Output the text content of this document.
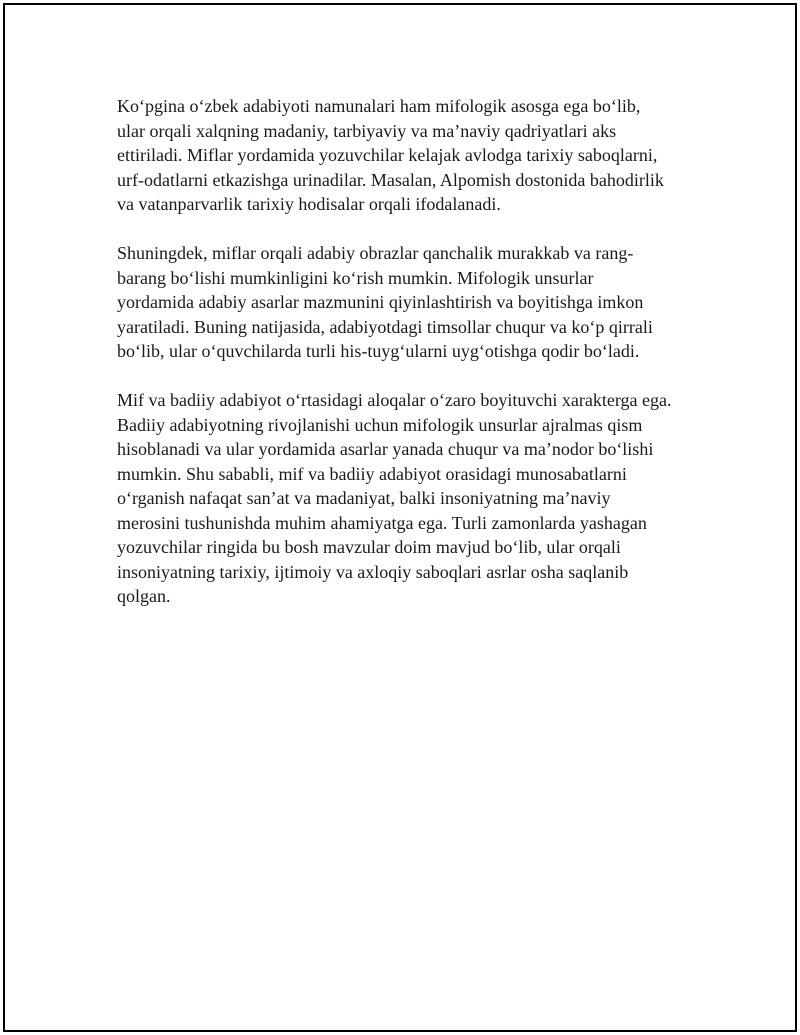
Ko‘pgina o‘zbek adabiyoti namunalari ham mifologik asosga ega bo‘lib,
ular orqali xalqning madaniy, tarbiyaviy va ma’naviy qadriyatlari aks
ettiriladi. Miflar yordamida yozuvchilar kelajak avlodga tarixiy saboqlarni,
urf-odatlarni etkazishga urinadilar. Masalan, Alpomish dostonida bahodirlik
va vatanparvarlik tarixiy hodisalar orqali ifodalanadi.

Shuningdek, miflar orqali adabiy obrazlar qanchalik murakkab va rang-
barang bo‘lishi mumkinligini ko‘rish mumkin. Mifologik unsurlar
yordamida adabiy asarlar mazmunini qiyinlashtirish va boyitishga imkon
yaratiladi. Buning natijasida, adabiyotdagi timsollar chuqur va ko‘p qirrali
bo‘lib, ular o‘quvchilarda turli his-tuyg‘ularni uyg‘otishga qodir bo‘ladi.

Mif va badiiy adabiyot o‘rtasidagi aloqalar o‘zaro boyituvchi xarakterga ega.
Badiiy adabiyotning rivojlanishi uchun mifologik unsurlar ajralmas qism
hisoblanadi va ular yordamida asarlar yanada chuqur va ma’nodor bo‘lishi
mumkin. Shu sababli, mif va badiiy adabiyot orasidagi munosabatlarni
o‘rganish nafaqat san’at va madaniyat, balki insoniyatning ma’naviy
merosini tushunishda muhim ahamiyatga ega. Turli zamonlarda yashagan
yozuvchilar ringida bu bosh mavzular doim mavjud bo‘lib, ular orqali
insoniyatning tarixiy, ijtimoiy va axloqiy saboqlari asrlar osha saqlanib
qolgan.
